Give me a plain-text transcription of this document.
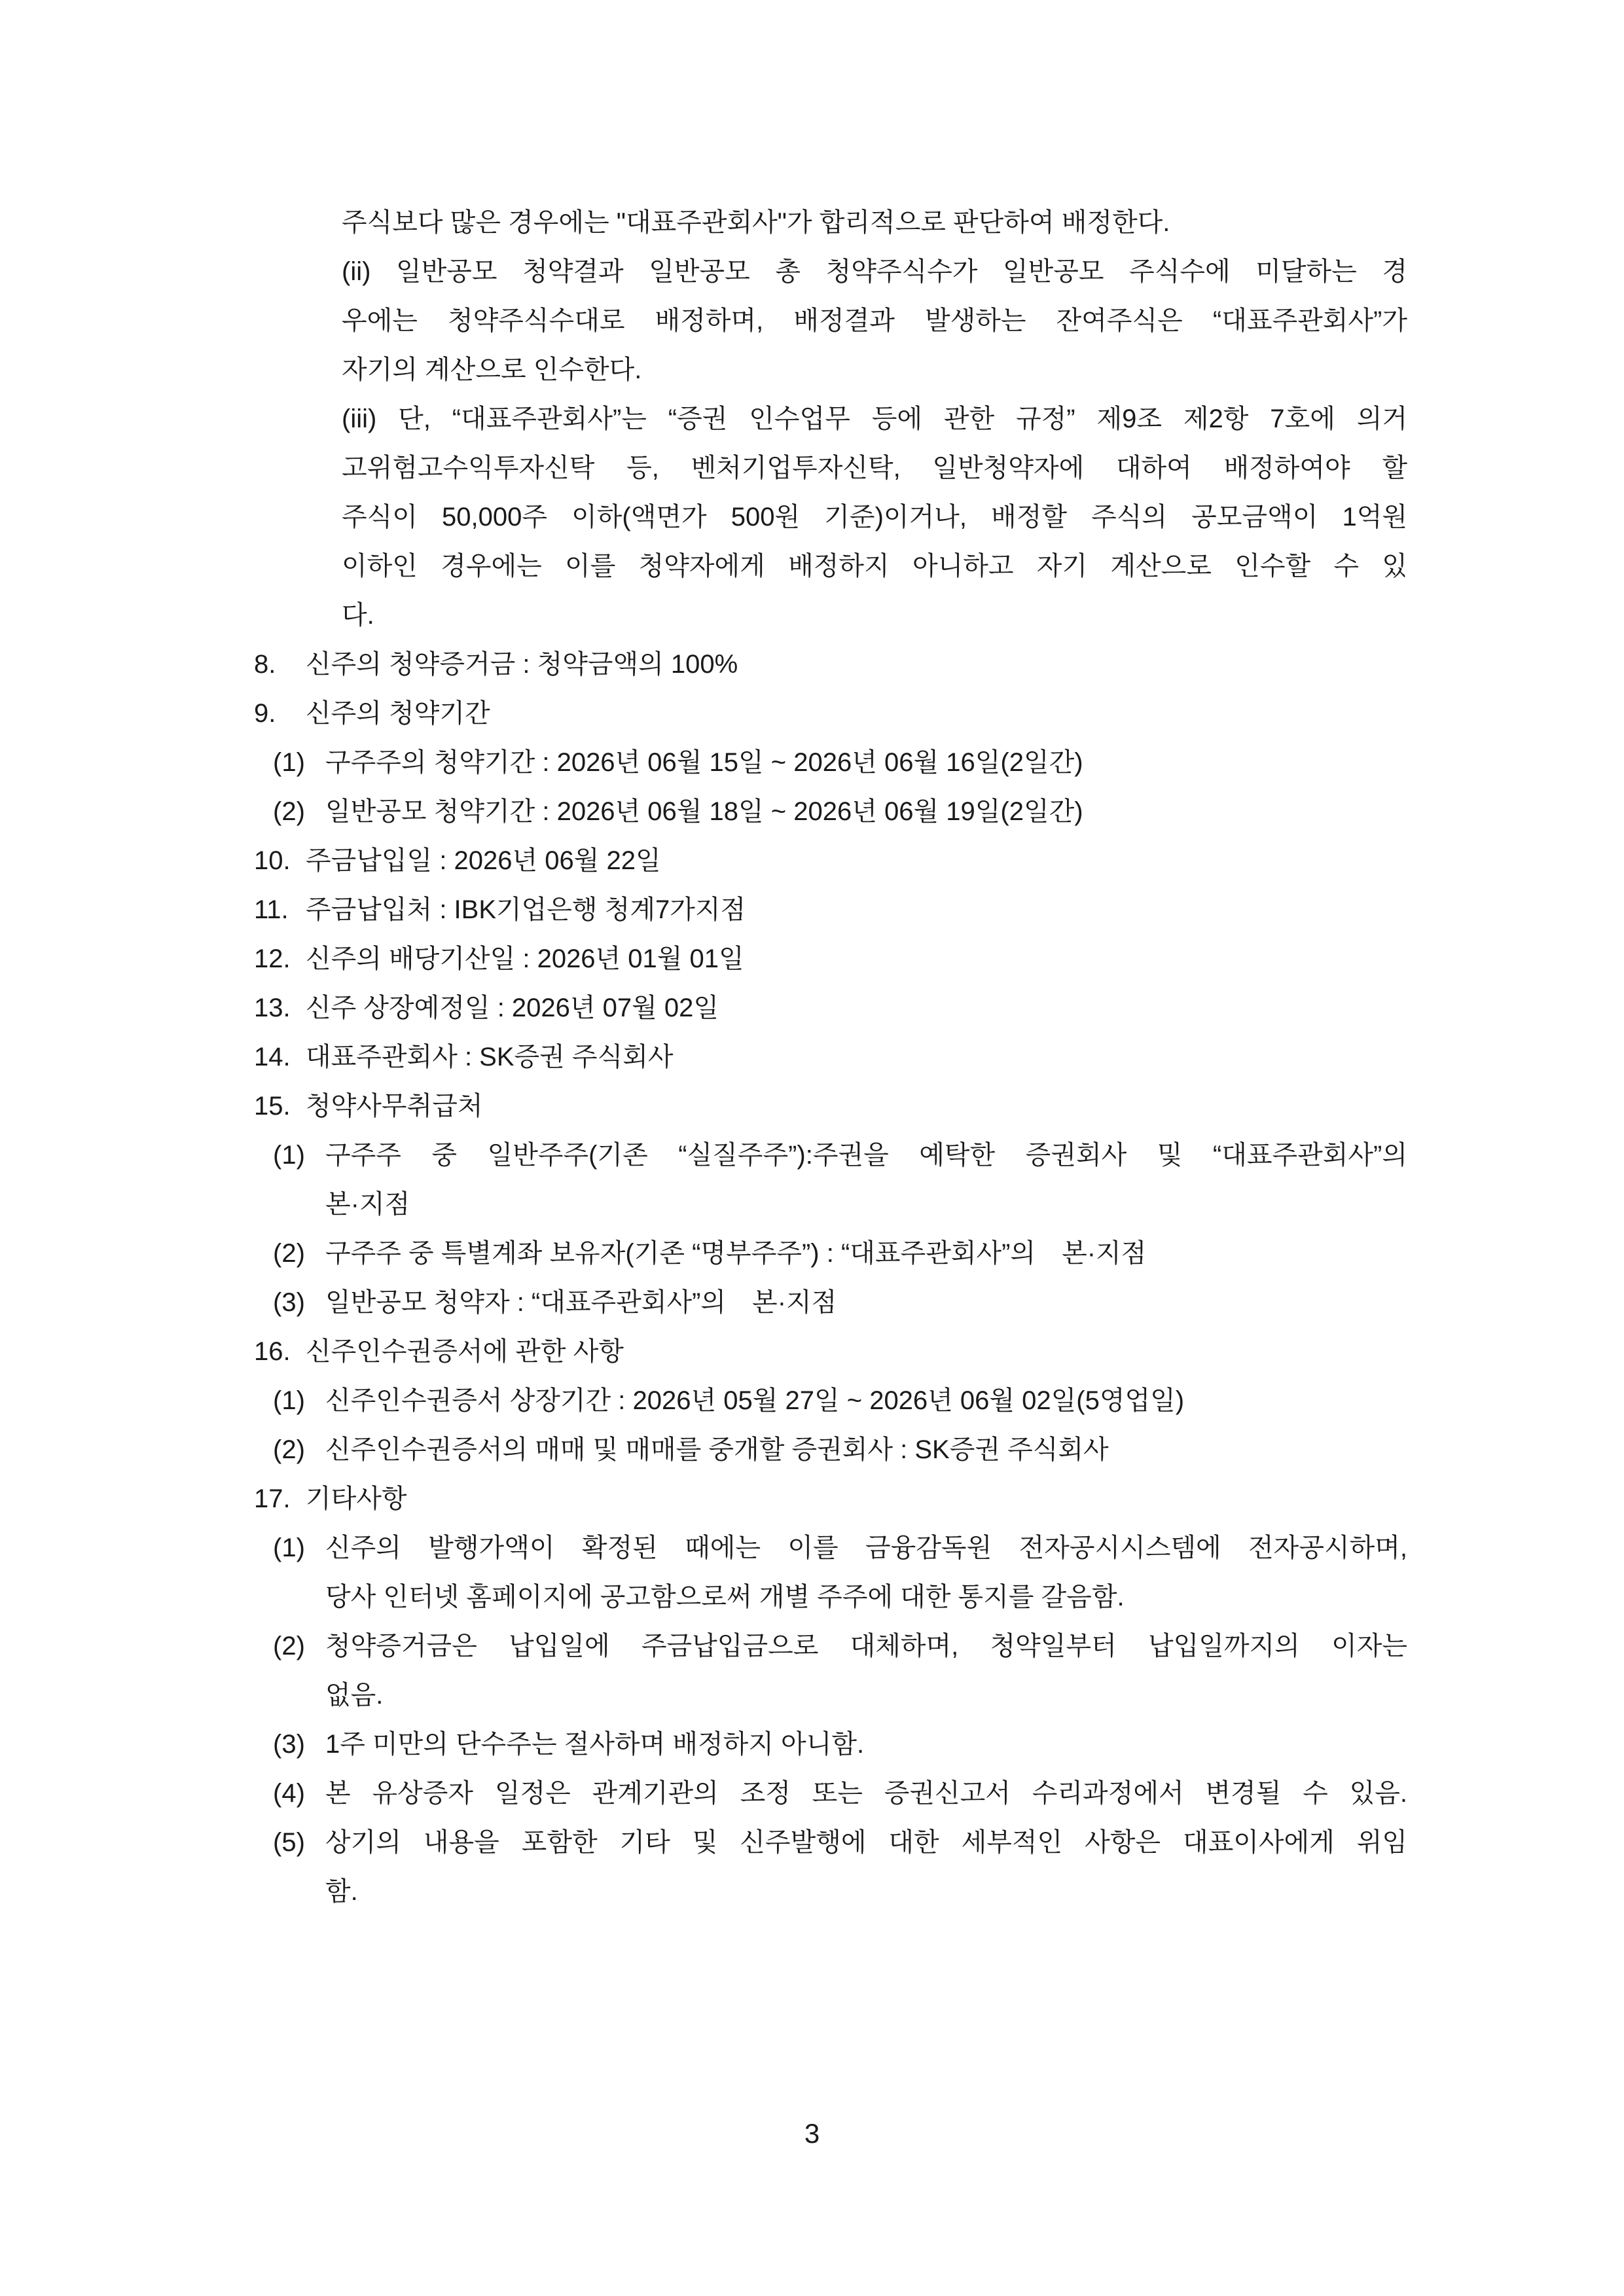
주식보다 많은 경우에는 "대표주관회사"가 합리적으로 판단하여 배정한다.
(ii) 일반공모 청약결과 일반공모 총 청약주식수가 일반공모 주식수에 미달하는 경
우에는 청약주식수대로 배정하며, 배정결과 발생하는 잔여주식은 “대표주관회사”가
자기의 계산으로 인수한다.
(iii) 단, “대표주관회사”는 “증권 인수업무 등에 관한 규정” 제9조 제2항 7호에 의거
고위험고수익투자신탁 등, 벤처기업투자신탁, 일반청약자에 대하여 배정하여야 할
주식이 50,000주 이하(액면가 500원 기준)이거나, 배정할 주식의 공모금액이 1억원
이하인 경우에는 이를 청약자에게 배정하지 아니하고 자기 계산으로 인수할 수 있
다.
8.	신주의 청약증거금 : 청약금액의 100%
9.	신주의 청약기간
(1) 구주주의 청약기간 : 2026년 06월 15일 ~ 2026년 06월 16일(2일간)
(2) 일반공모 청약기간 : 2026년 06월 18일 ~ 2026년 06월 19일(2일간)
10. 주금납입일 : 2026년 06월 22일
11. 주금납입처 : IBK기업은행 청계7가지점
12. 신주의 배당기산일 : 2026년 01월 01일
13. 신주 상장예정일 : 2026년 07월 02일
14. 대표주관회사 : SK증권 주식회사
15. 청약사무취급처
(1) 구주주 중 일반주주(기존 “실질주주”):주권을 예탁한 증권회사 및 “대표주관회사”의
본·지점
(2) 구주주 중 특별계좌 보유자(기존 “명부주주”) : “대표주관회사”의  본·지점
(3) 일반공모 청약자 : “대표주관회사”의  본·지점
16. 신주인수권증서에 관한 사항
(1) 신주인수권증서 상장기간 : 2026년 05월 27일 ~ 2026년 06월 02일(5영업일)
(2) 신주인수권증서의 매매 및 매매를 중개할 증권회사 : SK증권 주식회사
17. 기타사항
(1) 신주의 발행가액이 확정된 때에는 이를 금융감독원 전자공시시스템에 전자공시하며,
당사 인터넷 홈페이지에 공고함으로써 개별 주주에 대한 통지를 갈음함.
(2) 청약증거금은 납입일에 주금납입금으로 대체하며, 청약일부터 납입일까지의 이자는
없음.
(3) 1주 미만의 단수주는 절사하며 배정하지 아니함.
(4) 본 유상증자 일정은 관계기관의 조정 또는 증권신고서 수리과정에서 변경될 수 있음.
(5) 상기의 내용을 포함한 기타 및 신주발행에 대한 세부적인 사항은 대표이사에게 위임
함.
3
